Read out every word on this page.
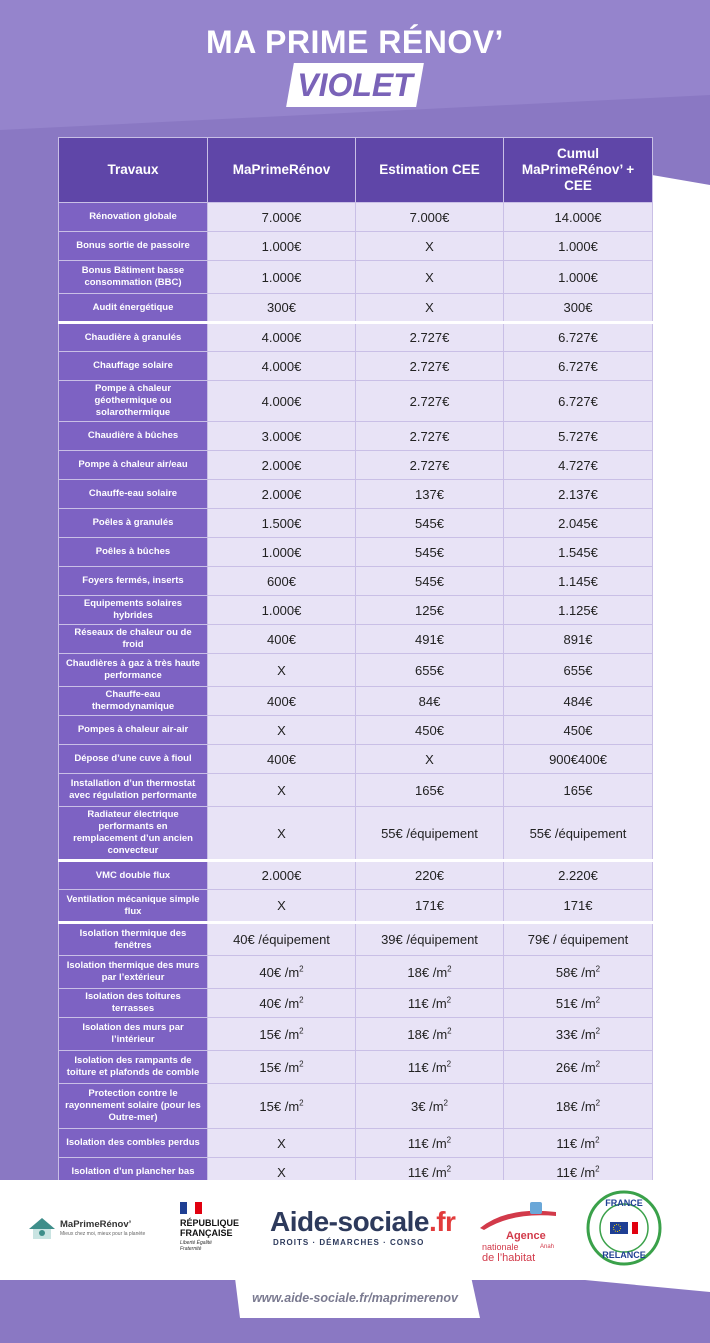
MA PRIME RÉNOV’
VIOLET
Travaux	MaPrimeRénov	Estimation CEE	Cumul MaPrimeRénov’ + CEE
Rénovation globale	7.000€	7.000€	14.000€
Bonus sortie de passoire	1.000€	X	1.000€
Bonus Bâtiment basse consommation (BBC)	1.000€	X	1.000€
Audit énergétique	300€	X	300€
Chaudière à granulés	4.000€	2.727€	6.727€
Chauffage solaire	4.000€	2.727€	6.727€
Pompe à chaleur géothermique ou solarothermique	4.000€	2.727€	6.727€
Chaudière à bûches	3.000€	2.727€	5.727€
Pompe à chaleur air/eau	2.000€	2.727€	4.727€
Chauffe-eau solaire	2.000€	137€	2.137€
Poêles à granulés	1.500€	545€	2.045€
Poêles à bûches	1.000€	545€	1.545€
Foyers fermés, inserts	600€	545€	1.145€
Equipements solaires hybrides	1.000€	125€	1.125€
Réseaux de chaleur ou de froid	400€	491€	891€
Chaudières à gaz à très haute performance	X	655€	655€
Chauffe-eau thermodynamique	400€	84€	484€
Pompes à chaleur air-air	X	450€	450€
Dépose d’une cuve à fioul	400€	X	900€400€
Installation d’un thermostat avec régulation performante	X	165€	165€
Radiateur électrique performants en remplacement d’un ancien convecteur	X	55€ /équipement	55€ /équipement
VMC double flux	2.000€	220€	2.220€
Ventilation mécanique simple flux	X	171€	171€
Isolation thermique des fenêtres	40€ /équipement	39€ /équipement	79€ / équipement
Isolation thermique des murs par l’extérieur	40€ $/m^2$	18€ $/m^2$	58€ $/m^2$
Isolation des toitures terrasses	40€ $/m^2$	11€ $/m^2$	51€ $/m^2$
Isolation des murs par l’intérieur	15€ $/m^2$	18€ $/m^2$	33€ $/m^2$
Isolation des rampants de toiture et plafonds de comble	15€ $/m^2$	11€ $/m^2$	26€ $/m^2$
Protection contre le rayonnement solaire (pour les Outre-mer)	15€ $/m^2$	3€ $/m^2$	18€ $/m^2$
Isolation des combles perdus	X	11€ $/m^2$	11€ $/m^2$
Isolation d’un plancher bas	X	11€ $/m^2$	11€ $/m^2$
MaPrimeRénov’
Mieux chez moi, mieux pour la planète
RÉPUBLIQUE
FRANÇAISE
Liberté Égalité Fraternité
Aide-sociale.fr
DROITS · DÉMARCHES · CONSO
Agence
nationale
de l’habitat
Anah
FRANCE
RELANCE
www.aide-sociale.fr/maprimerenov
